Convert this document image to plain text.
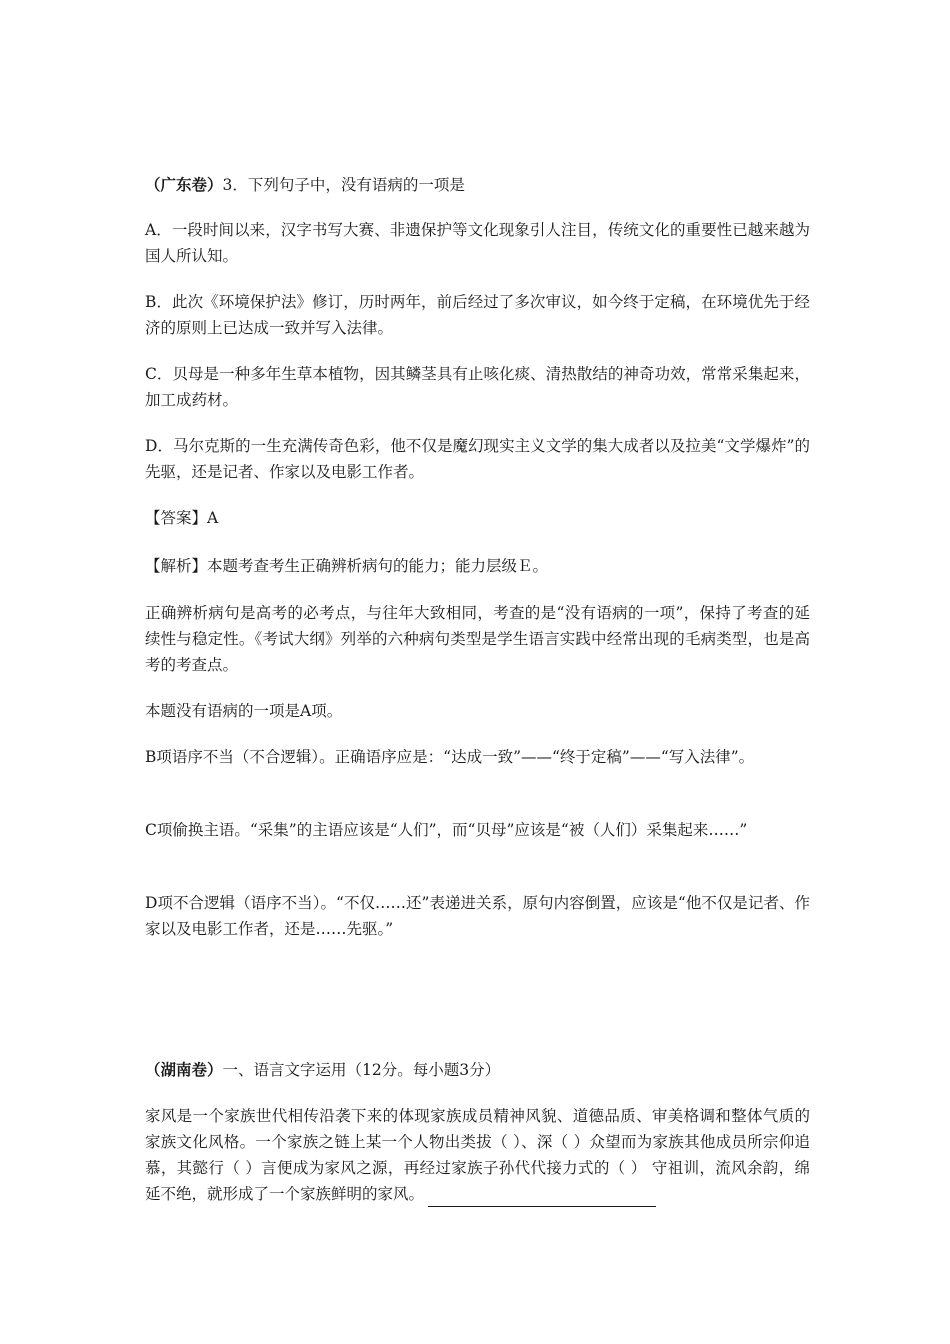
（广东卷）3．下列句子中，没有语病的一项是

A．一段时间以来，汉字书写大赛、非遗保护等文化现象引人注目，传统文化的重要性已越来越为国人所认知。

B．此次《环境保护法》修订，历时两年，前后经过了多次审议，如今终于定稿，在环境优先于经济的原则上已达成一致并写入法律。

C．贝母是一种多年生草本植物，因其鳞茎具有止咳化痰、清热散结的神奇功效，常常采集起来，加工成药材。

D．马尔克斯的一生充满传奇色彩，他不仅是魔幻现实主义文学的集大成者以及拉美“文学爆炸”的先驱，还是记者、作家以及电影工作者。

【答案】A

【解析】本题考查考生正确辨析病句的能力；能力层级Ｅ。

正确辨析病句是高考的必考点，与往年大致相同，考查的是“没有语病的一项”，保持了考查的延续性与稳定性。《考试大纲》列举的六种病句类型是学生语言实践中经常出现的毛病类型，也是高考的考查点。

本题没有语病的一项是A项。

B项语序不当（不合逻辑）。正确语序应是：“达成一致”——“终于定稿”——“写入法律”。

C项偷换主语。“采集”的主语应该是“人们”，而“贝母”应该是“被（人们）采集起来……”

D项不合逻辑（语序不当）。“不仅……还”表递进关系，原句内容倒置，应该是“他不仅是记者、作家以及电影工作者，还是……先驱。”

（湖南卷）一、语言文字运用（12分。每小题3分）

家风是一个家族世代相传沿袭下来的体现家族成员精神风貌、道德品质、审美格调和整体气质的家族文化风格。一个家族之链上某一个人物出类拔（ ）、深（ ）众望而为家族其他成员所宗仰追慕，其懿行（ ）言便成为家风之源，再经过家族子孙代代接力式的（ ） 守祖训，流风余韵，绵延不绝，就形成了一个家族鲜明的家风。
